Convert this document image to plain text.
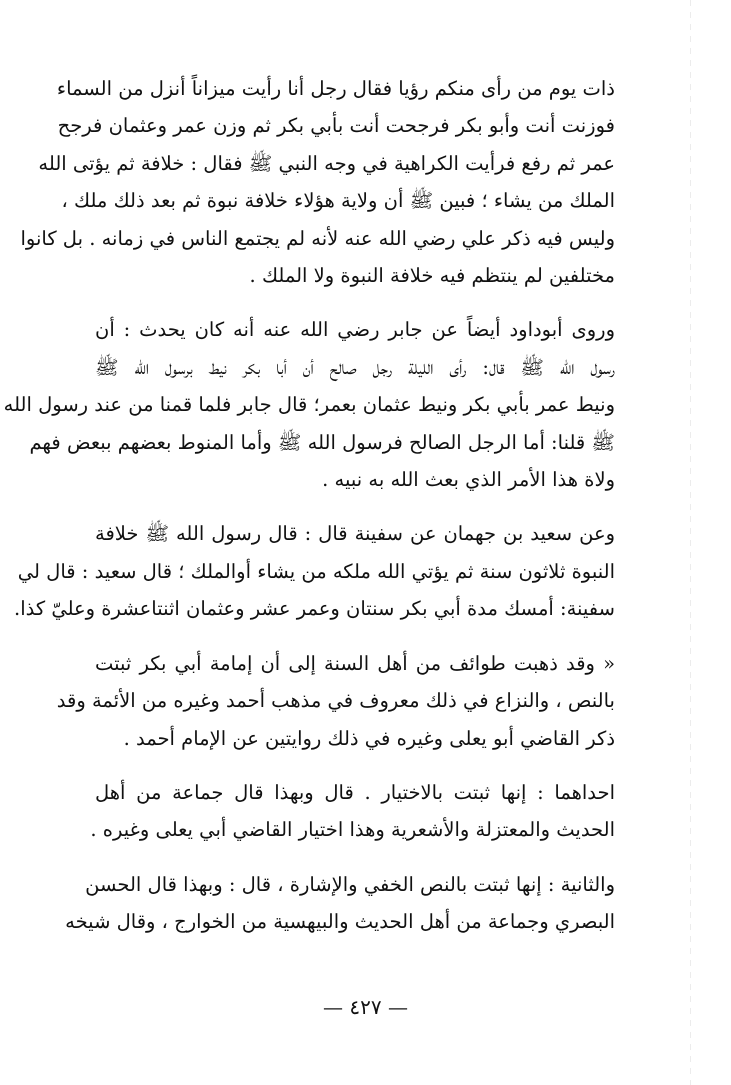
ذات يوم من رأى منكم رؤيا فقال رجل أنا رأيت ميزاناً أنزل من السماء
فوزنت أنت وأبو بكر فرجحت أنت بأبي بكر ثم وزن عمر وعثمان فرجح
عمر ثم رفع فرأيت الكراهية في وجه النبي ﷺ فقال : خلافة ثم يؤتى الله
الملك من يشاء ؛ فبين ﷺ أن ولاية هؤلاء خلافة نبوة ثم بعد ذلك ملك ،
وليس فيه ذكر علي رضي الله عنه لأنه لم يجتمع الناس في زمانه . بل كانوا
مختلفين لم ينتظم فيه خلافة النبوة ولا الملك .
وروى أبوداود أيضاً عن جابر رضي الله عنه أنه كان يحدث : أن
رسول الله ﷺ قال: رأى الليلة رجل صالح أن أبا بكر نيط برسول الله ﷺ
ونيط عمر بأبي بكر ونيط عثمان بعمر؛ قال جابر فلما قمنا من عند رسول الله
ﷺ قلنا: أما الرجل الصالح فرسول الله ﷺ وأما المنوط بعضهم ببعض فهم
ولاة هذا الأمر الذي بعث الله به نبيه .
وعن سعيد بن جهمان عن سفينة قال : قال رسول الله ﷺ خلافة
النبوة ثلاثون سنة ثم يؤتي الله ملكه من يشاء أوالملك ؛ قال سعيد : قال لي
سفينة: أمسك مدة أبي بكر سنتان وعمر عشر وعثمان اثنتاعشرة وعليّ كذا.
« وقد ذهبت طوائف من أهل السنة إلى أن إمامة أبي بكر ثبتت
بالنص ، والنزاع في ذلك معروف في مذهب أحمد وغيره من الأئمة وقد
ذكر القاضي أبو يعلى وغيره في ذلك روايتين عن الإمام أحمد .
احداهما : إنها ثبتت بالاختيار . قال وبهذا قال جماعة من أهل
الحديث والمعتزلة والأشعرية وهذا اختيار القاضي أبي يعلى وغيره .
والثانية : إنها ثبتت بالنص الخفي والإشارة ، قال : وبهذا قال الحسن
البصري وجماعة من أهل الحديث والبيهسية من الخوارج ، وقال شيخه
— ٤٢٧ —
